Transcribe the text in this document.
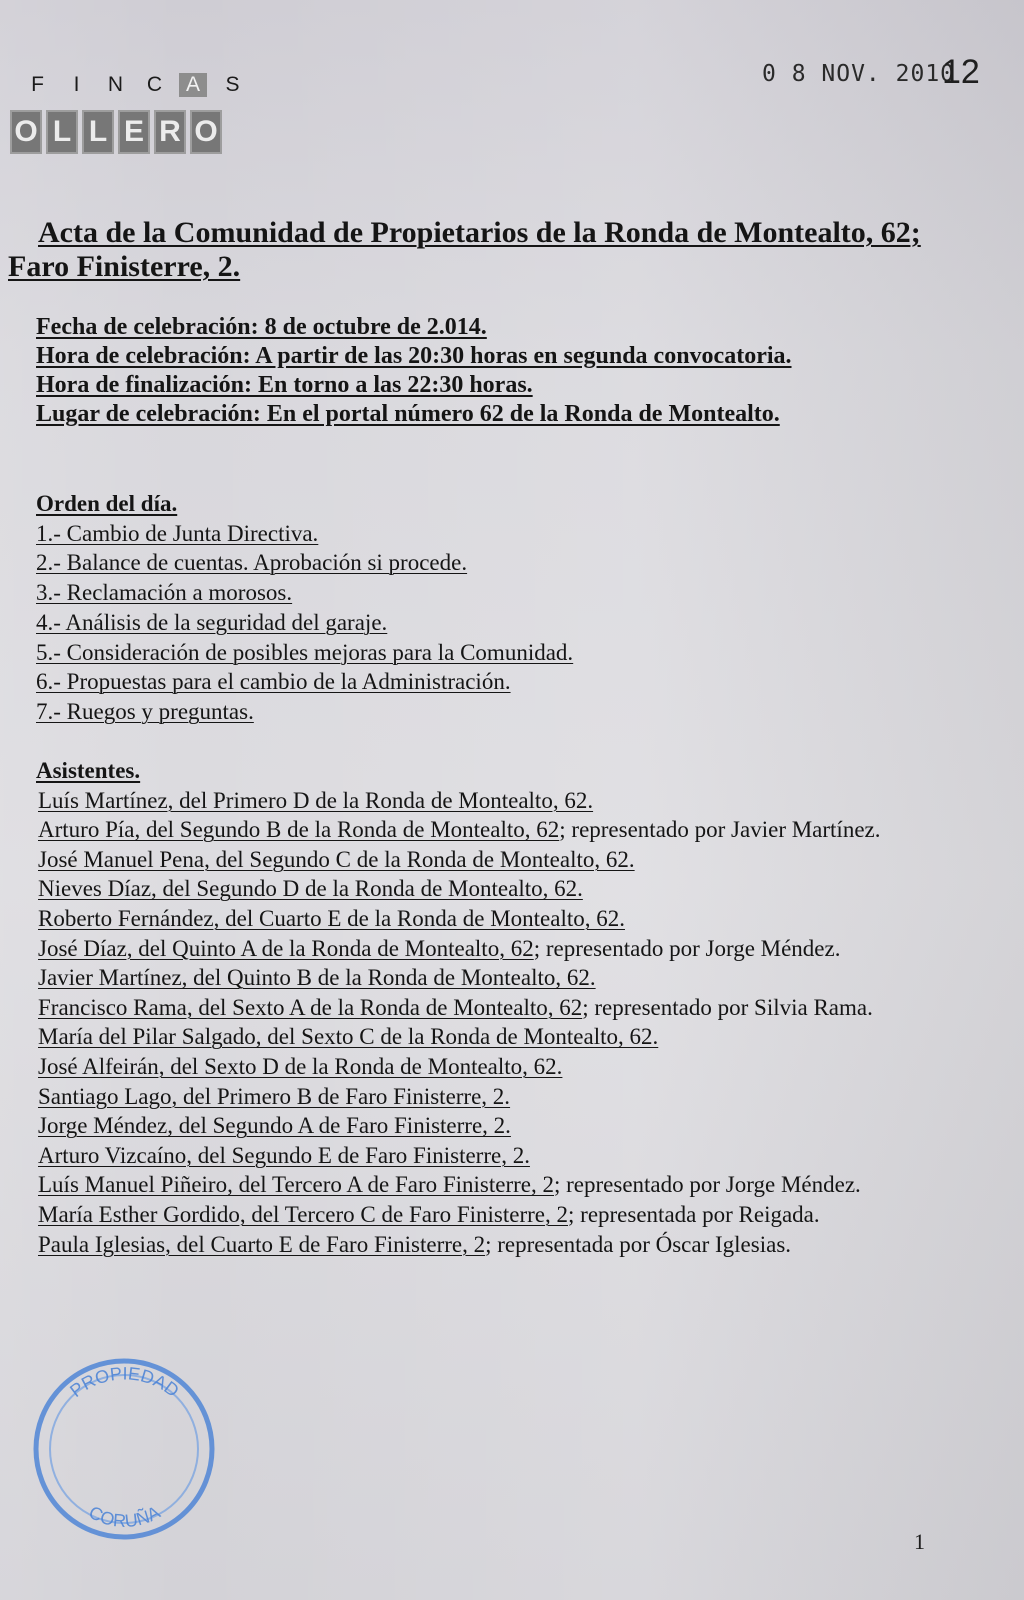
F	I	N	C	A	S
O L L E R O
0 8 NOV. 2010
12
Acta de la Comunidad de Propietarios de la Ronda de Montealto, 62;
Faro Finisterre, 2.
Fecha de celebración: 8 de octubre de 2.014.
Hora de celebración: A partir de las 20:30 horas en segunda convocatoria.
Hora de finalización: En torno a las 22:30 horas.
Lugar de celebración: En el portal número 62 de la Ronda de Montealto.
Orden del día.
1.- Cambio de Junta Directiva.
2.- Balance de cuentas. Aprobación si procede.
3.- Reclamación a morosos.
4.- Análisis de la seguridad del garaje.
5.- Consideración de posibles mejoras para la Comunidad.
6.- Propuestas para el cambio de la Administración.
7.- Ruegos y preguntas.
Asistentes.
Luís Martínez, del Primero D de la Ronda de Montealto, 62.
Arturo Pía, del Segundo B de la Ronda de Montealto, 62; representado por Javier Martínez.
José Manuel Pena, del Segundo C de la Ronda de Montealto, 62.
Nieves Díaz, del Segundo D de la Ronda de Montealto, 62.
Roberto Fernández, del Cuarto E de la Ronda de Montealto, 62.
José Díaz, del Quinto A de la Ronda de Montealto, 62; representado por Jorge Méndez.
Javier Martínez, del Quinto B de la Ronda de Montealto, 62.
Francisco Rama, del Sexto A de la Ronda de Montealto, 62; representado por Silvia Rama.
María del Pilar Salgado, del Sexto C de la Ronda de Montealto, 62.
José Alfeirán, del Sexto D de la Ronda de Montealto, 62.
Santiago Lago, del Primero B de Faro Finisterre, 2.
Jorge Méndez, del Segundo A de Faro Finisterre, 2.
Arturo Vizcaíno, del Segundo E de Faro Finisterre, 2.
Luís Manuel Piñeiro, del Tercero A de Faro Finisterre, 2; representado por Jorge Méndez.
María Esther Gordido, del Tercero C de Faro Finisterre, 2; representada por Reigada.
Paula Iglesias, del Cuarto E de Faro Finisterre, 2; representada por Óscar Iglesias.
PROPIEDAD
CORUÑA
1
